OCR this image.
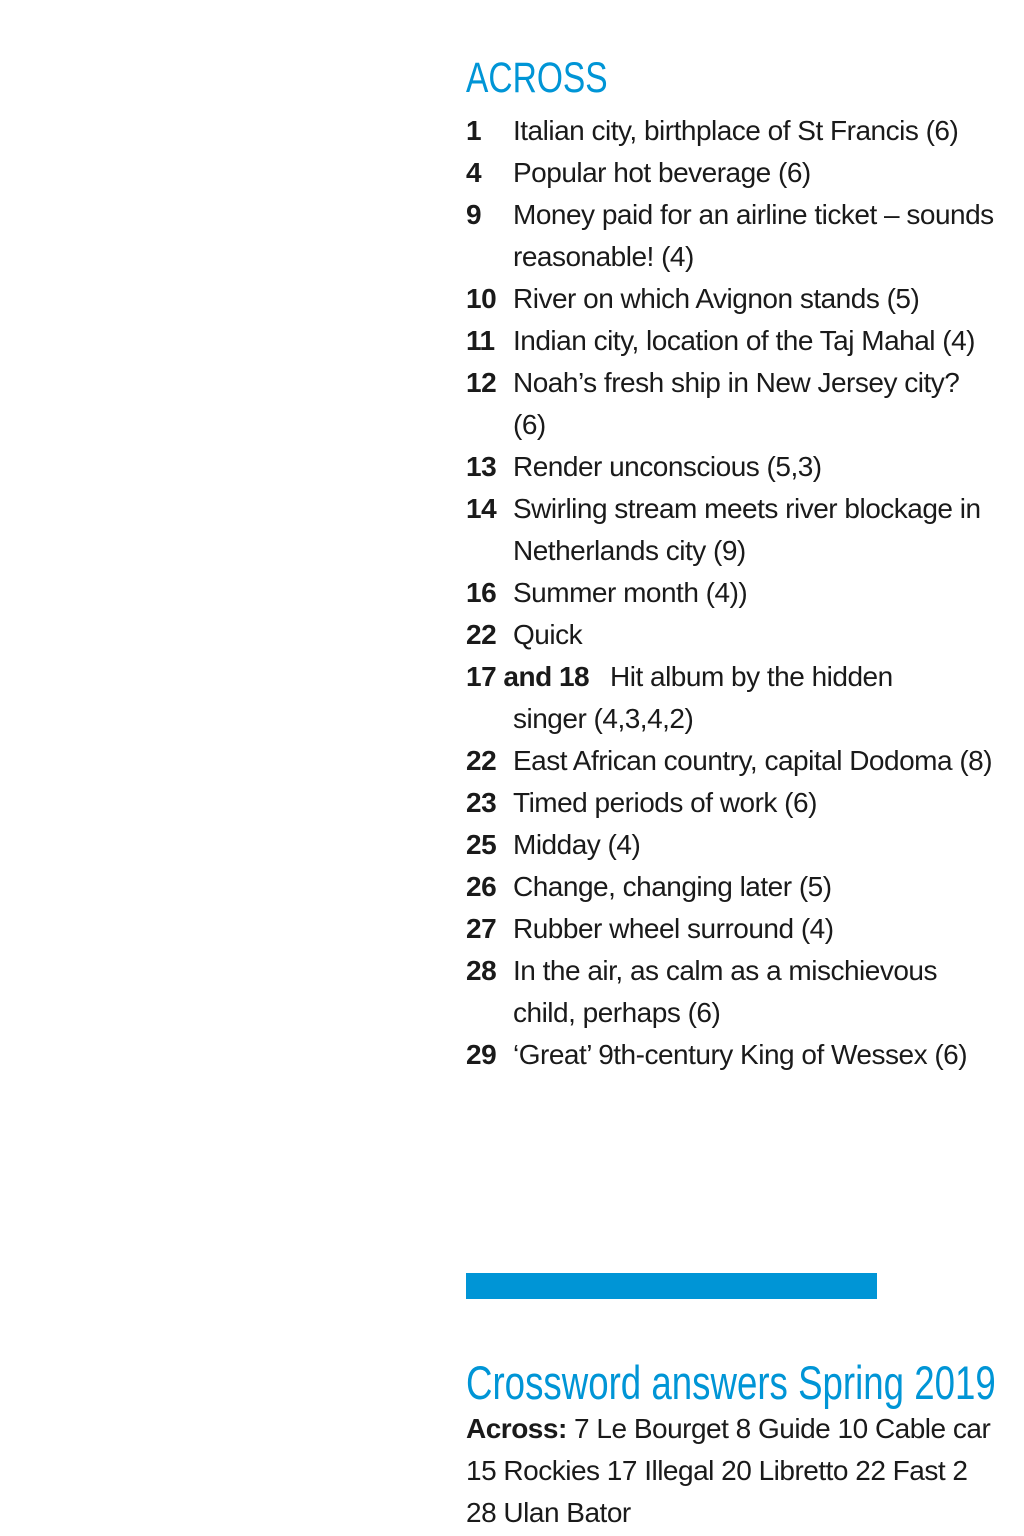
ACROSS
1	Italian city, birthplace of St Francis (6)
4	Popular hot beverage (6)
9	Money paid for an airline ticket – sounds reasonable! (4)
10 River on which Avignon stands (5)
11 Indian city, location of the Taj Mahal (4)
12 Noah’s fresh ship in New Jersey city? (6)
13 Render unconscious (5,3)
14 Swirling stream meets river blockage in Netherlands city (9)
16 Summer month (4))
22 Quick
17 and 18 Hit album by the hidden
singer (4,3,4,2)
22 East African country, capital Dodoma (8)
23 Timed periods of work (6)
25 Midday (4)
26 Change, changing later (5)
27 Rubber wheel surround (4)
28 In the air, as calm as a mischievous child, perhaps (6)
29 ‘Great’ 9th-century King of Wessex (6)
Crossword answers Spring 2019
Across: 7 Le Bourget 8 Guide 10 Cable car
15 Rockies 17 Illegal 20 Libretto 22 Fast 2
28 Ulan Bator
